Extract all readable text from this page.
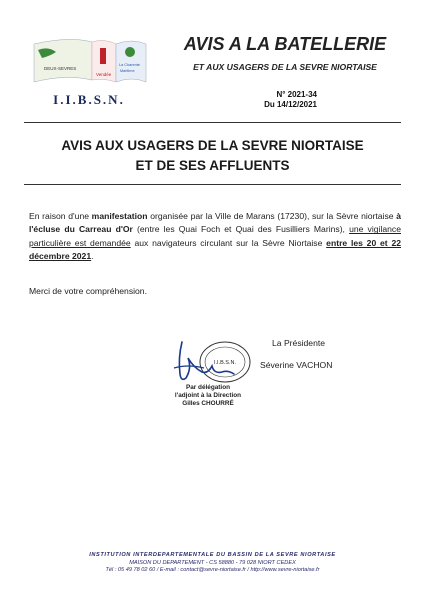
DEUX-SEVRES
Vendée
La Charente
Maritime
I.I.B.S.N.
AVIS A LA BATELLERIE
ET AUX USAGERS DE LA SEVRE NIORTAISE
N° 2021-34
Du 14/12/2021
AVIS AUX USAGERS DE LA SEVRE NIORTAISE
ET DE SES AFFLUENTS
En raison d'une manifestation organisée par la Ville de Marans (17230), sur la Sèvre niortaise à l'écluse du Carreau d'Or (entre les Quai Foch et Quai des Fusilliers Marins), une vigilance particulière est demandée aux navigateurs circulant sur la Sèvre Niortaise entre les 20 et 22 décembre 2021.
Merci de votre compréhension.
I.I.B.S.N.
La Présidente
Séverine VACHON
Par délégation
l'adjoint à la Direction
Gilles CHOURRÉ
INSTITUTION INTERDEPARTEMENTALE DU BASSIN DE LA SEVRE NIORTAISE
MAISON DU DEPARTEMENT - CS 58880 - 79 028 NIORT CEDEX
Tél : 05 49 78 02 60 / E-mail : contact@sevre-niortaise.fr / http://www.sevre-niortaise.fr
